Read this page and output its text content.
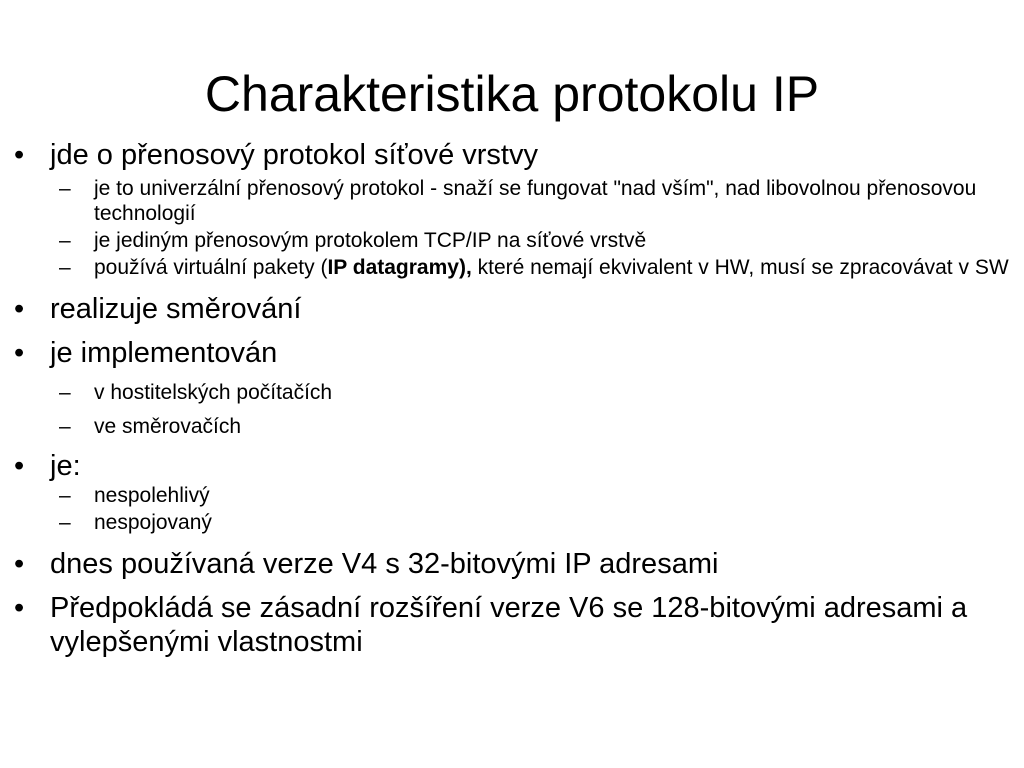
Charakteristika protokolu IP
• jde o přenosový protokol síťové vrstvy
– je to univerzální přenosový protokol - snaží se fungovat "nad vším", nad libovolnou přenosovou technologií
– je jediným přenosovým protokolem TCP/IP na síťové vrstvě
– používá virtuální pakety (IP datagramy), které nemají ekvivalent v HW, musí se zpracovávat v SW
• realizuje směrování
• je implementován
– v hostitelských počítačích
– ve směrovačích
• je:
– nespolehlivý
– nespojovaný
• dnes používaná verze V4 s 32-bitovými IP adresami
• Předpokládá se zásadní rozšíření verze V6 se 128-bitovými adresami a vylepšenými vlastnostmi
